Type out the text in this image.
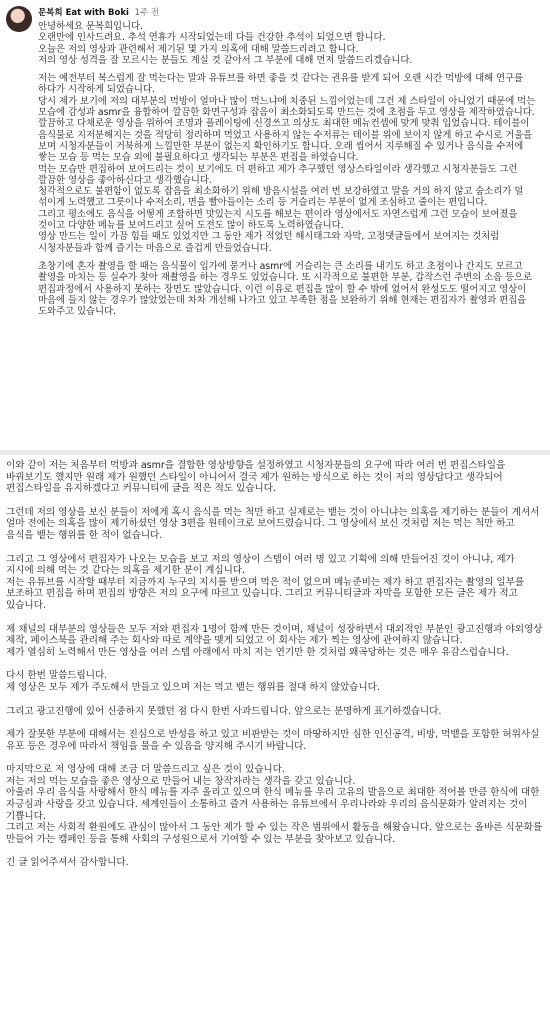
문복희 Eat with Boki 1주 전

안녕하세요 문복희입니다.
오랜만에 인사드려요. 추석 연휴가 시작되었는데 다들 건강한 추석이 되었으면 합니다.
오늘은 저의 영상과 관련해서 제기된 몇 가지 의혹에 대해 말씀드리려고 합니다.
저의 영상 성격을 잘 모르시는 분들도 계실 것 같아서 그 부분에 대해 먼저 말씀드리겠습니다.

저는 예전부터 복스럽게 잘 먹는다는 말과 유튜브를 하면 좋을 것 같다는 권유를 받게 되어 오랜 시간 먹방에 대해 연구를 하다가 시작하게 되었습니다.
당시 제가 보기에 저의 대부분의 먹방이 얼마나 많이 먹느냐에 치중된 느낌이었는데 그건 제 스타일이 아니었기 때문에 먹는 모습에 감성과 asmr을 융합하여 깔끔한 화면구성과 잡음이 최소화되도록 만드는 것에 초점을 두고 영상을 제작하였습니다.
깔끔하고 다채로운 영상을 위하여 조명과 플레이팅에 신경쓰고 의상도 최대한 메뉴컨셉에 맞게 맞춰 입었습니다. 테이블이 음식물로 지저분해지는 것을 적당히 정리하며 먹었고 사용하지 않는 수저류는 테이블 위에 보이지 않게 하고 수시로 거울을 보며 시청자분들이 거북하게 느낄만한 부분이 없는지 확인하기도 합니다. 오래 씹어서 지루해질 수 있거나 음식을 수저에 쌓는 모습 등 먹는 모습 외에 불필요하다고 생각되는 부분은 편집을 하였습니다.
먹는 모습만 편집하여 보여드리는 것이 보기에도 더 편하고 제가 추구했던 영상스타일이라 생각했고 시청자분들도 그런 깔끔한 영상을 좋아하신다고 생각했습니다.
청각적으로도 불편함이 없도록 잡음을 최소화하기 위해 방음시설을 여러 번 보강하였고 말을 거의 하지 않고 숨소리가 덜 섞이게 노력했고 그릇이나 수저소리, 면을 빨아들이는 소리 등 거슬리는 부분이 없게 조심하고 줄이는 편입니다.
그리고 평소에도 음식을 어떻게 조합하면 맛있는지 시도를 해보는 편이라 영상에서도 자연스럽게 그런 모습이 보여졌을 것이고 다양한 메뉴를 보여드리고 싶어 도전도 많이 하도록 노력하였습니다.
영상 만드는 일이 가끔 힘들 때도 있었지만 그 동안 제가 적었던 해시태그와 자막, 고정댓글들에서 보여지는 것처럼 시청자분들과 함께 즐기는 마음으로 즐겁게 만들었습니다.

초창기에 혼자 촬영을 할 때는 음식물이 입가에 묻거나 asmr에 거슬리는 큰 소리를 내기도 하고 초점이나 간지도 모르고 촬영을 마치는 등 실수가 찾아 재촬영을 하는 경우도 있었습니다. 또 시각적으로 불편한 부분, 갑작스런 주변의 소음 등으로 편집과정에서 사용하지 못하는 장면도 많았습니다. 이런 이유로 편집을 많이 할 수 밖에 없어서 완성도도 떨어지고 영상이 마음에 들지 않는 경우가 많았었는데 차차 개선해 나가고 있고 부족한 점을 보완하기 위해 현재는 편집자가 촬영과 편집을 도와주고 있습니다.

이와 같이 저는 처음부터 먹방과 asmr을 결합한 영상방향을 설정하였고 시청자분들의 요구에 따라 여러 번 편집스타일을 바꿔보기도 했지만 원래 제가 원했던 스타일이 아니어서 결국 제가 원하는 방식으로 하는 것이 저의 영상답다고 생각되어 편집스타일을 유지하겠다고 커뮤니티에 글을 적은 적도 있습니다.

그런데 저의 영상을 보신 분들이 저에게 혹시 음식을 먹는 척만 하고 실제로는 뱉는 것이 아니냐는 의혹을 제기하는 분들이 계셔서 얼마 전에는 의혹을 많이 제기하셨던 영상 3편을 원테이크로 보여드렸습니다. 그 영상에서 보신 것처럼 저는 먹는 척만 하고 음식을 뱉는 행위를 한 적이 없습니다.

그리고 그 영상에서 편집자가 나오는 모습을 보고 저의 영상이 스텝이 여러 명 있고 기획에 의해 만들어진 것이 아니냐, 제가 지시에 의해 먹는 것 같다는 의혹을 제기한 분이 계십니다.
저는 유튜브를 시작할 때부터 지금까지 누구의 지시를 받으며 먹은 적이 없으며 메뉴준비는 제가 하고 편집자는 촬영의 일부를 보조하고 편집을 하며 편집의 방향은 저의 요구에 따르고 있습니다. 그리고 커뮤니티글과 자막을 포함한 모든 글은 제가 적고 있습니다.

제 채널의 대부분의 영상들은 모두 저와 편집자 1명이 함께 만든 것이며, 채널이 성장하면서 대외적인 부분인 광고진행과 야외영상 제작, 페이스북을 관리해 주는 회사와 따로 계약을 맺게 되었고 이 회사는 제가 찍는 영상에 관여하지 않습니다.
제가 열심히 노력해서 만든 영상을 여러 스텝 아래에서 마치 저는 연기만 한 것처럼 왜곡당하는 것은 매우 유감스럽습니다.

다시 한번 말씀드립니다.
제 영상은 모두 제가 주도해서 만들고 있으며 저는 먹고 뱉는 행위를 절대 하지 않았습니다.

그리고 광고진행에 있어 신중하지 못했던 점 다시 한번 사과드립니다. 앞으로는 분명하게 표기하겠습니다.

제가 잘못한 부분에 대해서는 진심으로 반성을 하고 있고 비판받는 것이 마땅하지만 심한 인신공격, 비방, 먹뱉을 포함한 허위사실 유포 등은 경우에 따라서 책임을 물을 수 있음을 양지해 주시기 바랍니다.

마지막으로 저 영상에 대해 조금 더 말씀드리고 싶은 것이 있습니다.
저는 저의 먹는 모습을 좋은 영상으로 만들어 내는 창작자라는 생각을 갖고 있습니다.
아울러 우리 음식을 사랑해서 한식 메뉴를 자주 올리고 있으며 한식 메뉴를 우리 고유의 발음으로 최대한 적어볼 만큼 한식에 대한 자긍심과 사랑을 갖고 있습니다. 세계인들이 소통하고 즐겨 사용하는 유튜브에서 우리나라와 우리의 음식문화가 알려지는 것이 기쁩니다.
그리고 저는 사회적 환원에도 관심이 많아서 그 동안 제가 할 수 있는 작은 범위에서 활동을 해왔습니다. 앞으로는 올바른 식문화를 만들어 가는 캠페인 등을 통해 사회의 구성원으로서 기여할 수 있는 부분을 찾아보고 있습니다.

긴 글 읽어주셔서 감사합니다.
